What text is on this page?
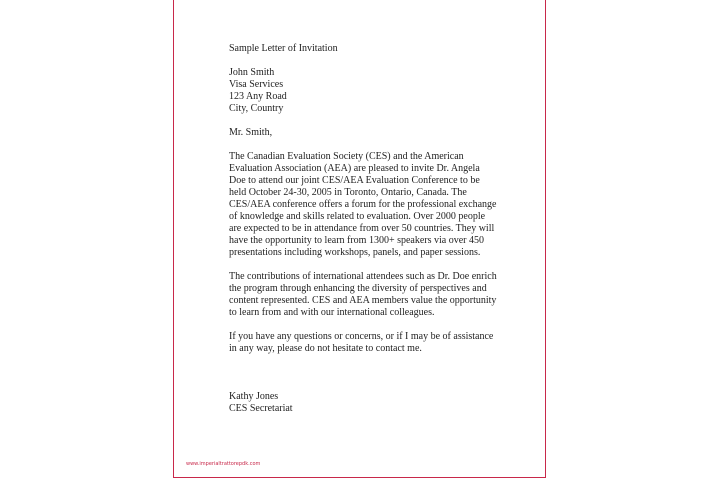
Sample Letter of Invitation
John Smith
Visa Services
123 Any Road
City, Country
Mr. Smith,
The Canadian Evaluation Society (CES) and the American
Evaluation Association (AEA) are pleased to invite Dr. Angela
Doe to attend our joint CES/AEA Evaluation Conference to be
held October 24-30, 2005 in Toronto, Ontario, Canada. The
CES/AEA conference offers a forum for the professional exchange
of knowledge and skills related to evaluation. Over 2000 people
are expected to be in attendance from over 50 countries. They will
have the opportunity to learn from 1300+ speakers via over 450
presentations including workshops, panels, and paper sessions.
The contributions of international attendees such as Dr. Doe enrich
the program through enhancing the diversity of perspectives and
content represented. CES and AEA members value the opportunity
to learn from and with our international colleagues.
If you have any questions or concerns, or if I may be of assistance
in any way, please do not hesitate to contact me.
Kathy Jones
CES Secretariat
www.imperialtrattorepdk.com
